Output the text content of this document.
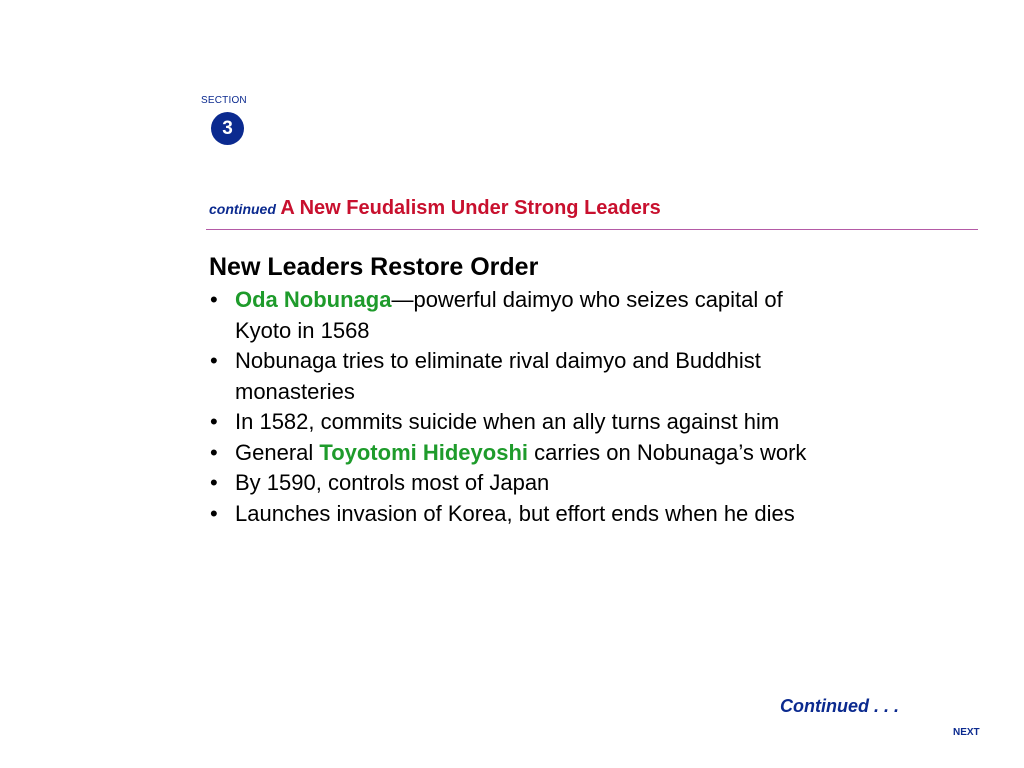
SECTION
3
continued A New Feudalism Under Strong Leaders
New Leaders Restore Order
• Oda Nobunaga—powerful daimyo who seizes capital of Kyoto in 1568
• Nobunaga tries to eliminate rival daimyo and Buddhist monasteries
• In 1582, commits suicide when an ally turns against him
• General Toyotomi Hideyoshi carries on Nobunaga’s work
• By 1590, controls most of Japan
• Launches invasion of Korea, but effort ends when he dies
Continued . . .
NEXT
